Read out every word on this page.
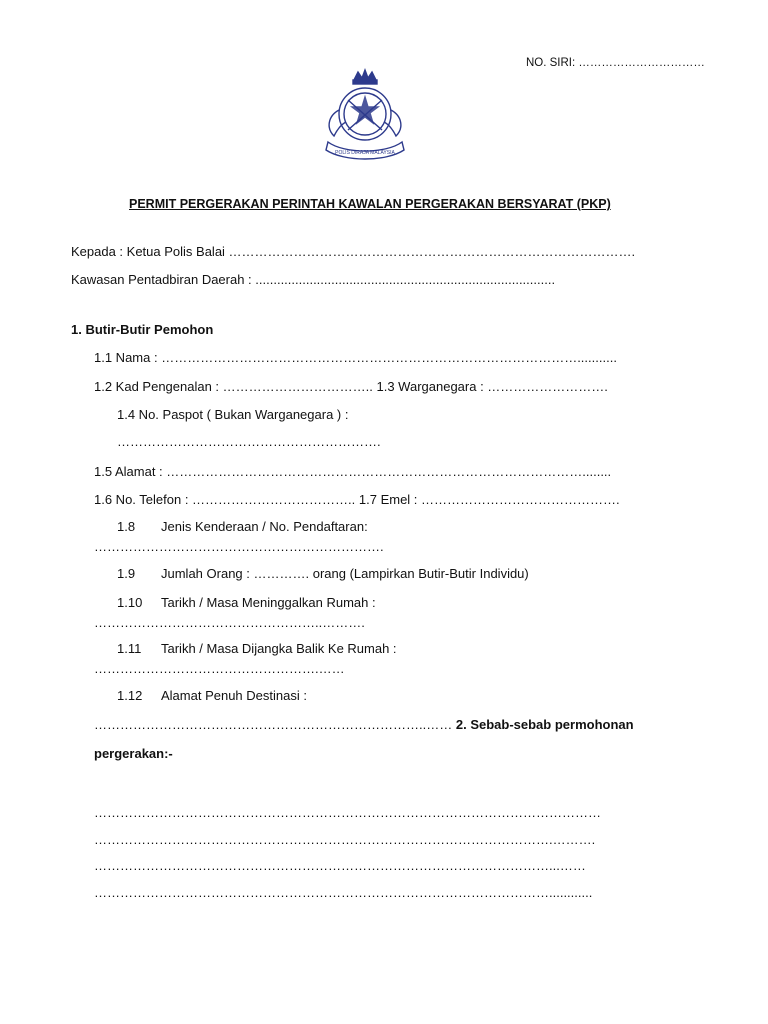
NO. SIRI: ……………………………
POLIS DIRAJA MALAYSIA
PERMIT PERGERAKAN PERINTAH KAWALAN PERGERAKAN BERSYARAT (PKP)
Kepada : Ketua Polis Balai ………………………………………………………………………………….
Kawasan Pentadbiran Daerah : ...................................................................................
1. Butir-Butir Pemohon
1.1 Nama : ……………………………………………………………………………………...........
1.2 Kad Pengenalan : …………………………….. 1.3 Warganegara : ……………………….
1.4 No. Paspot ( Bukan Warganegara ) :
…………………………………………………….
1.5 Alamat : ……………………………………………………………………………………........
1.6 No. Telefon : ……………………………….. 1.7 Emel : ……………………………………….
1.8 Jenis Kenderaan / No. Pendaftaran:
………………………………………………………….
1.9 Jumlah Orang : …………. orang (Lampirkan Butir-Butir Individu)
1.10 Tarikh / Masa Meninggalkan Rumah :
……………………………………………..……….
1.11 Tarikh / Masa Dijangka Balik Ke Rumah :
…………………………………………….……
1.12 Alamat Penuh Destinasi :
…………………………………………………………………..…… 2. Sebab-sebab permohonan
pergerakan:-
………………………………………………………………………………………………………
…………………………………………………………………………………………….……….
……………………………………………………………………………………………...……
……………………………………………………………………………………………............
